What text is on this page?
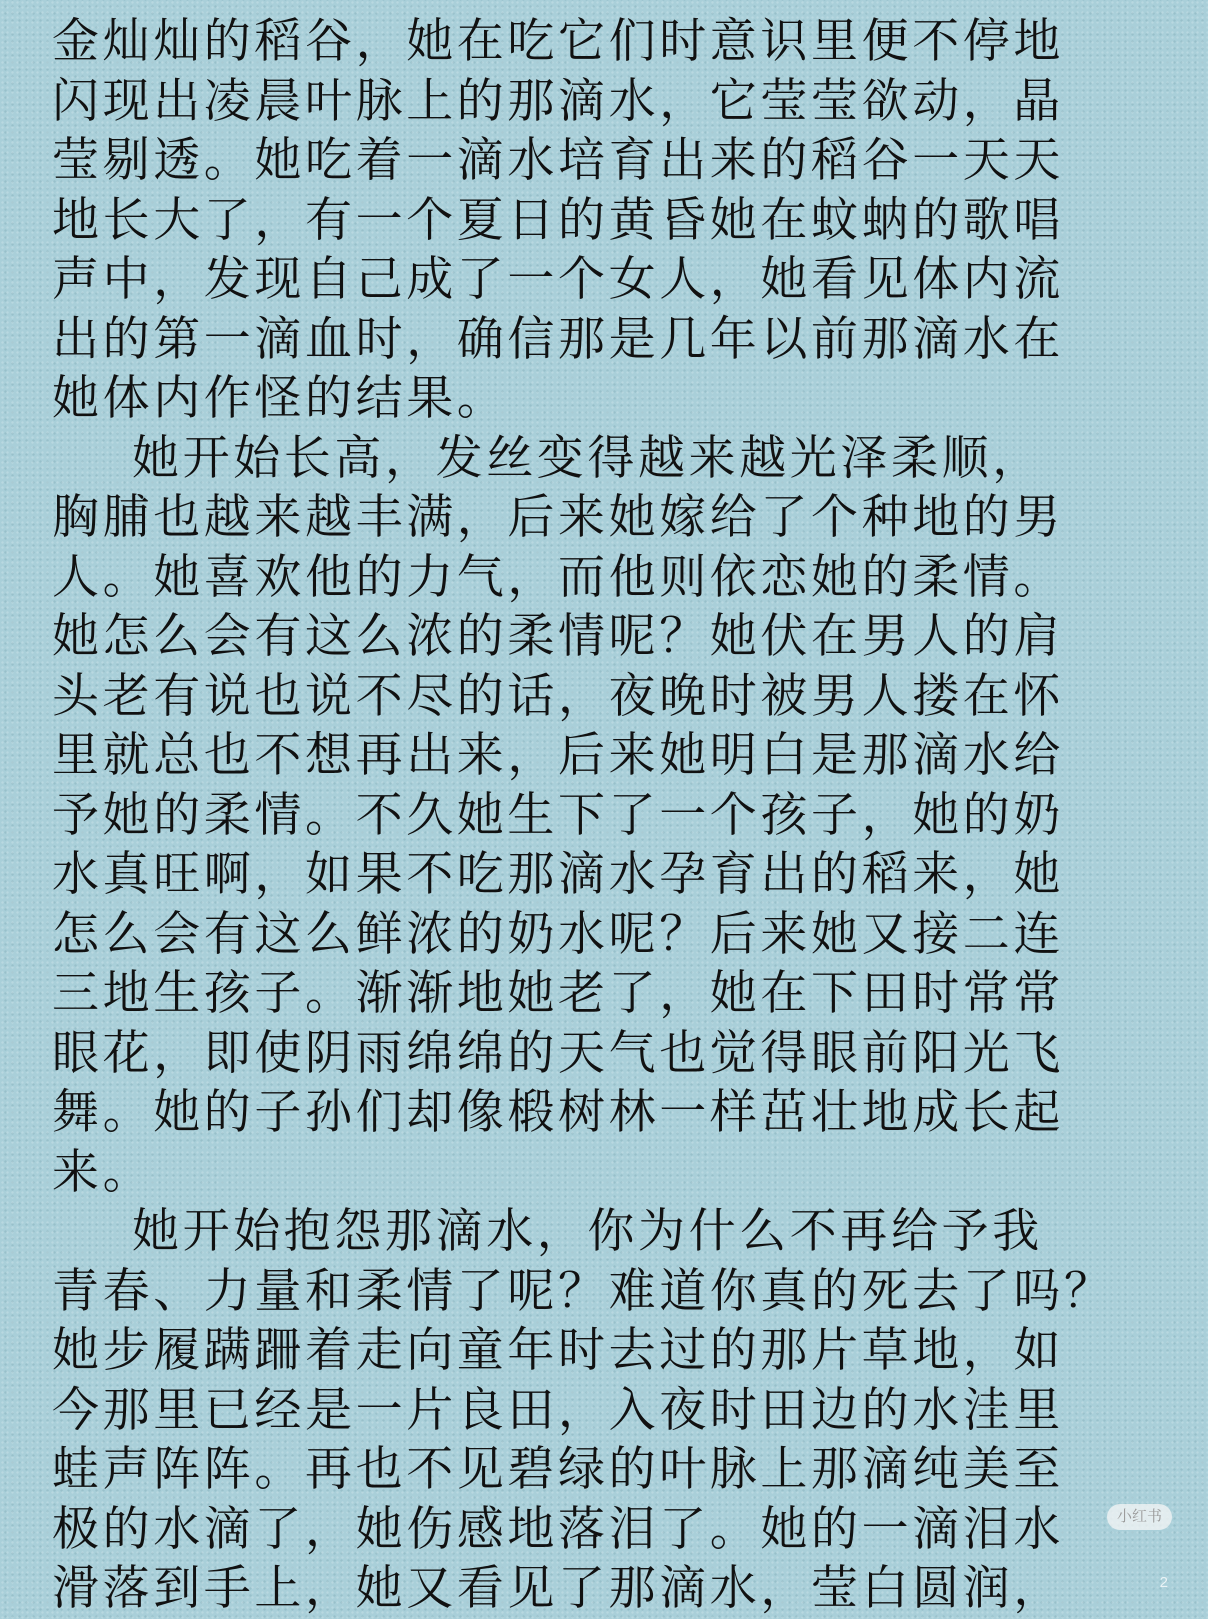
金灿灿的稻谷，她在吃它们时意识里便不停地
闪现出凌晨叶脉上的那滴水，它莹莹欲动，晶
莹剔透。她吃着一滴水培育出来的稻谷一天天
地长大了，有一个夏日的黄昏她在蚊蚋的歌唱
声中，发现自己成了一个女人，她看见体内流
出的第一滴血时，确信那是几年以前那滴水在
她体内作怪的结果。
她开始长高，发丝变得越来越光泽柔顺，
胸脯也越来越丰满，后来她嫁给了个种地的男
人。她喜欢他的力气，而他则依恋她的柔情。
她怎么会有这么浓的柔情呢？她伏在男人的肩
头老有说也说不尽的话，夜晚时被男人搂在怀
里就总也不想再出来，后来她明白是那滴水给
予她的柔情。不久她生下了一个孩子，她的奶
水真旺啊，如果不吃那滴水孕育出的稻来，她
怎么会有这么鲜浓的奶水呢？后来她又接二连
三地生孩子。渐渐地她老了，她在下田时常常
眼花，即使阴雨绵绵的天气也觉得眼前阳光飞
舞。她的子孙们却像椴树林一样茁壮地成长起
来。
她开始抱怨那滴水，你为什么不再给予我
青春、力量和柔情了呢？难道你真的死去了吗？
她步履蹒跚着走向童年时去过的那片草地，如
今那里已经是一片良田，入夜时田边的水洼里
蛙声阵阵。再也不见碧绿的叶脉上那滴纯美至
极的水滴了，她伤感地落泪了。她的一滴泪水
滑落到手上，她又看见了那滴水，莹白圆润，
小红书
2
